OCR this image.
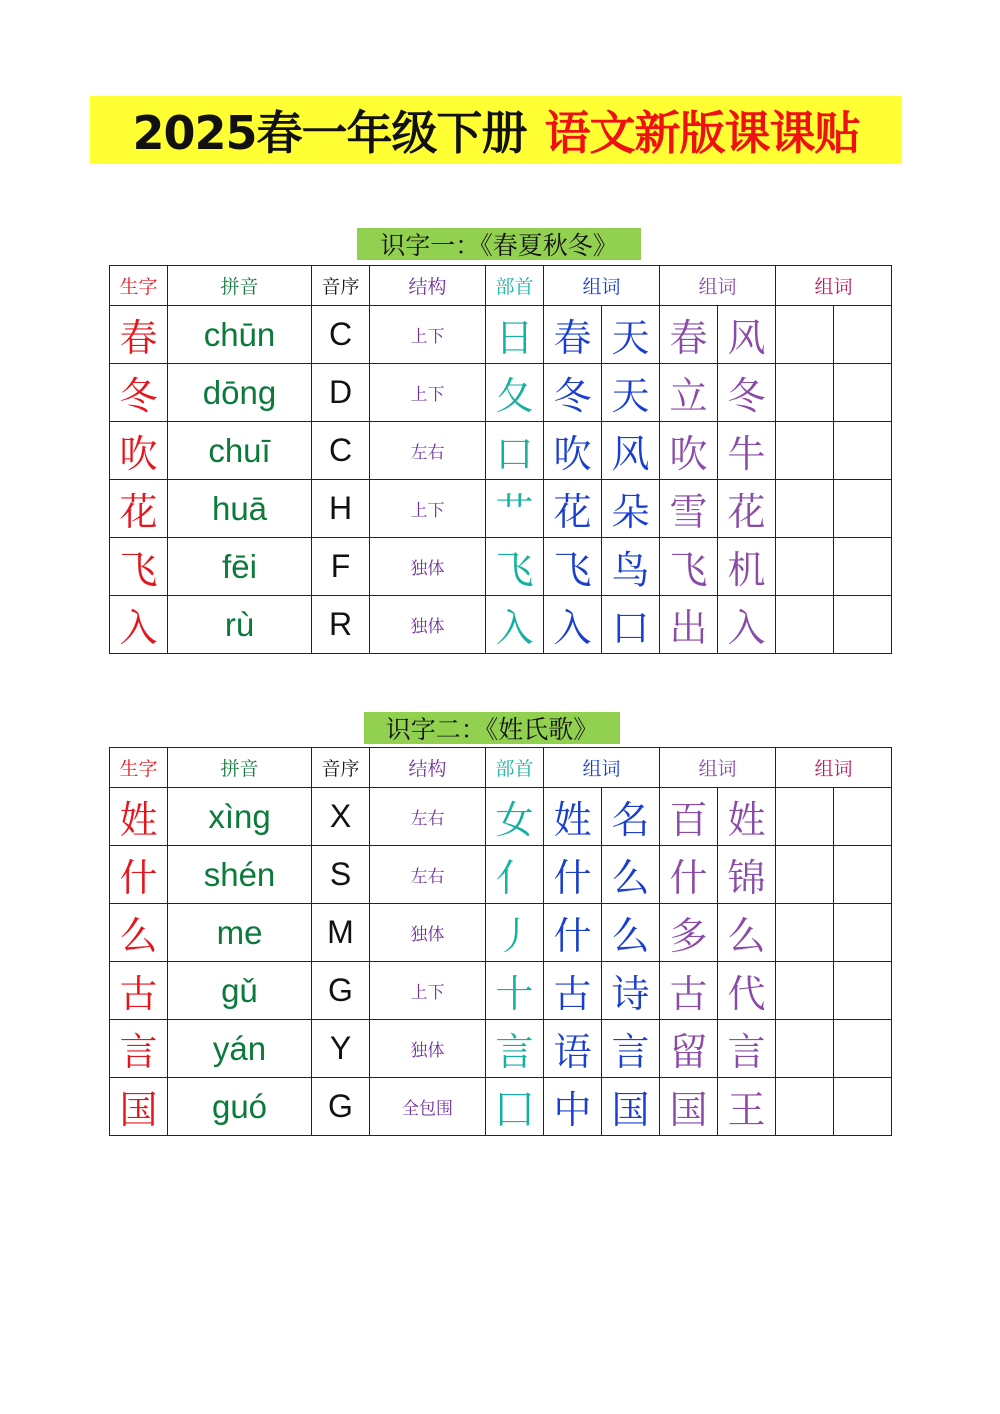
2025春一年级下册 语文新版课课贴
识字一：《春夏秋冬》
生字	拼音	音序	结构	部首	组词		组词		组词	
春	chūn	C	上下	日	春	天	春	风		
冬	dōng	D	上下	夂	冬	天	立	冬		
吹	chuī	C	左右	口	吹	风	吹	牛		
花	huā	H	上下	艹	花	朵	雪	花		
飞	fēi	F	独体	飞	飞	鸟	飞	机		
入	rù	R	独体	入	入	口	出	入		
识字二：《姓氏歌》
生字	拼音	音序	结构	部首	组词		组词		组词	
姓	xìng	X	左右	女	姓	名	百	姓		
什	shén	S	左右	亻	什	么	什	锦		
么	me	M	独体	丿	什	么	多	么		
古	gǔ	G	上下	十	古	诗	古	代		
言	yán	Y	独体	言	语	言	留	言		
国	guó	G	全包围	囗	中	国	国	王		
